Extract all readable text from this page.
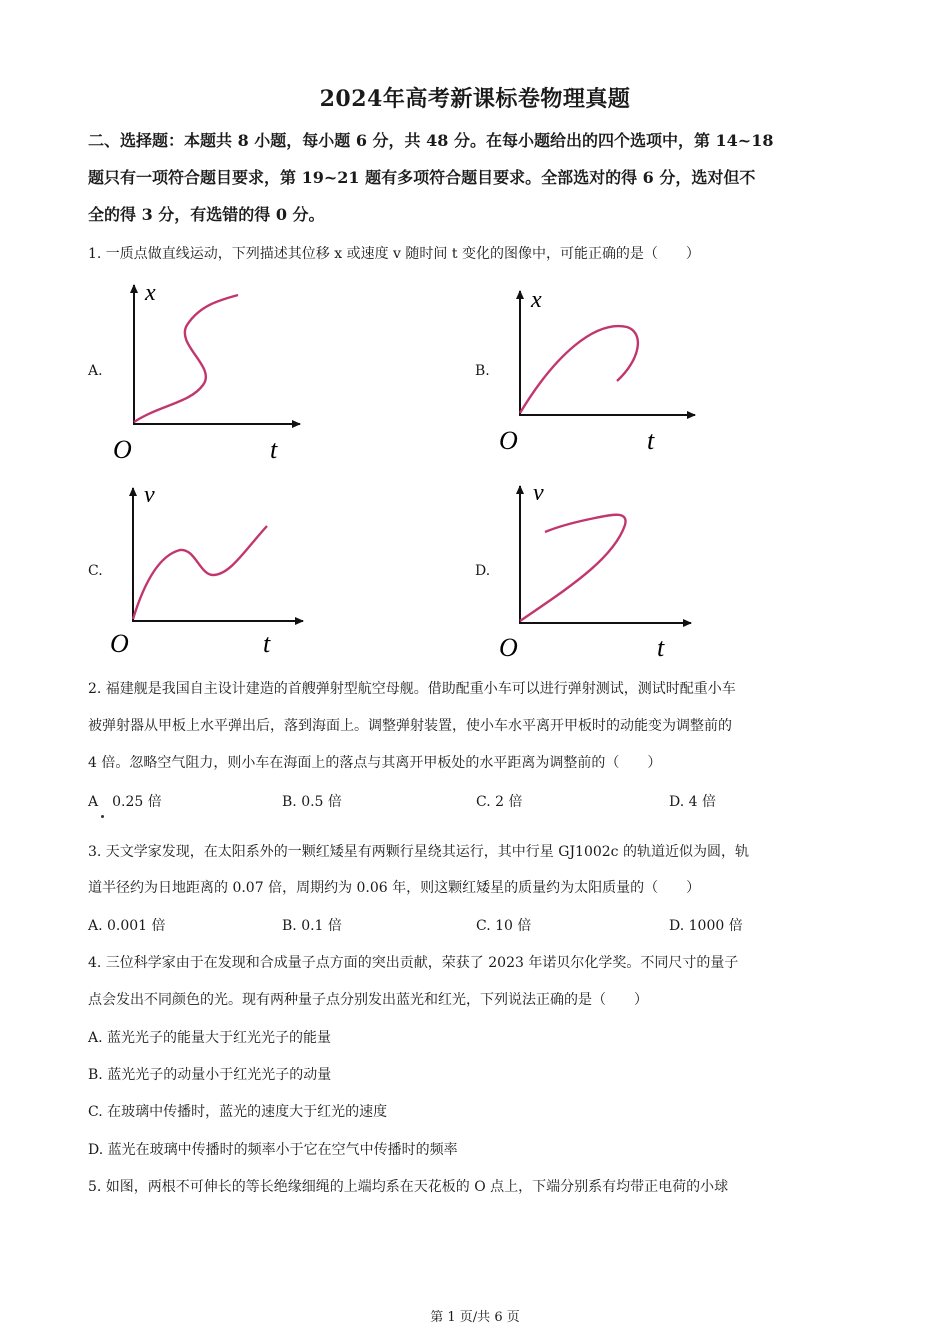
2024年高考新课标卷物理真题
二、选择题：本题共 8 小题，每小题 6 分，共 48 分。在每小题给出的四个选项中，第 14~18
题只有一项符合题目要求，第 19~21 题有多项符合题目要求。全部选对的得 6 分，选对但不
全的得 3 分，有选错的得 0 分。
1. 一质点做直线运动，下列描述其位移 x 或速度 v 随时间 t 变化的图像中，可能正确的是（　　）
A.	B.
C.	D.
x
O	t
x
O	t
v
O	t
v
O	t
2. 福建舰是我国自主设计建造的首艘弹射型航空母舰。借助配重小车可以进行弹射测试，测试时配重小车
被弹射器从甲板上水平弹出后，落到海面上。调整弹射装置，使小车水平离开甲板时的动能变为调整前的
4 倍。忽略空气阻力，则小车在海面上的落点与其离开甲板处的水平距离为调整前的（　　）
A　0.25 倍	B. 0.5 倍	C. 2 倍	D. 4 倍
3. 天文学家发现，在太阳系外的一颗红矮星有两颗行星绕其运行，其中行星 GJ1002c 的轨道近似为圆，轨
道半径约为日地距离的 0.07 倍，周期约为 0.06 年，则这颗红矮星的质量约为太阳质量的（　　）
A. 0.001 倍	B. 0.1 倍	C. 10 倍	D. 1000 倍
4. 三位科学家由于在发现和合成量子点方面的突出贡献，荣获了 2023 年诺贝尔化学奖。不同尺寸的量子
点会发出不同颜色的光。现有两种量子点分别发出蓝光和红光，下列说法正确的是（　　）
A. 蓝光光子的能量大于红光光子的能量
B. 蓝光光子的动量小于红光光子的动量
C. 在玻璃中传播时，蓝光的速度大于红光的速度
D. 蓝光在玻璃中传播时的频率小于它在空气中传播时的频率
5. 如图，两根不可伸长的等长绝缘细绳的上端均系在天花板的 O 点上，下端分别系有均带正电荷的小球
第 1 页/共 6 页
